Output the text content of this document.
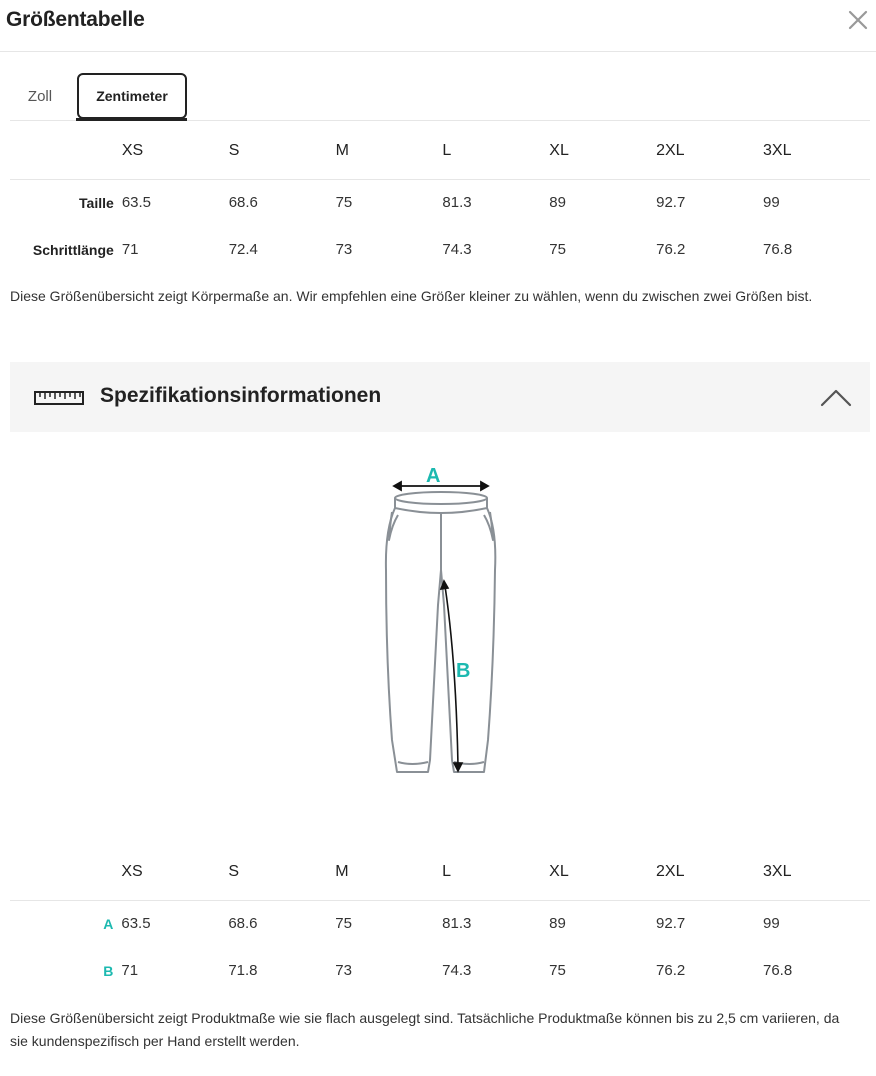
Größentabelle
Zoll	Zentimeter
	XS	S	M	L	XL	2XL	3XL
Taille	63.5	68.6	75	81.3	89	92.7	99
Schrittlänge	71	72.4	73	74.3	75	76.2	76.8
Diese Größenübersicht zeigt Körpermaße an. Wir empfehlen eine Größer kleiner zu wählen, wenn du zwischen zwei Größen bist.
Spezifikationsinformationen
A
B
	XS	S	M	L	XL	2XL	3XL
A	63.5	68.6	75	81.3	89	92.7	99
B	71	71.8	73	74.3	75	76.2	76.8
Diese Größenübersicht zeigt Produktmaße wie sie flach ausgelegt sind. Tatsächliche Produktmaße können bis zu 2,5 cm variieren, da sie kundenspezifisch per Hand erstellt werden.
